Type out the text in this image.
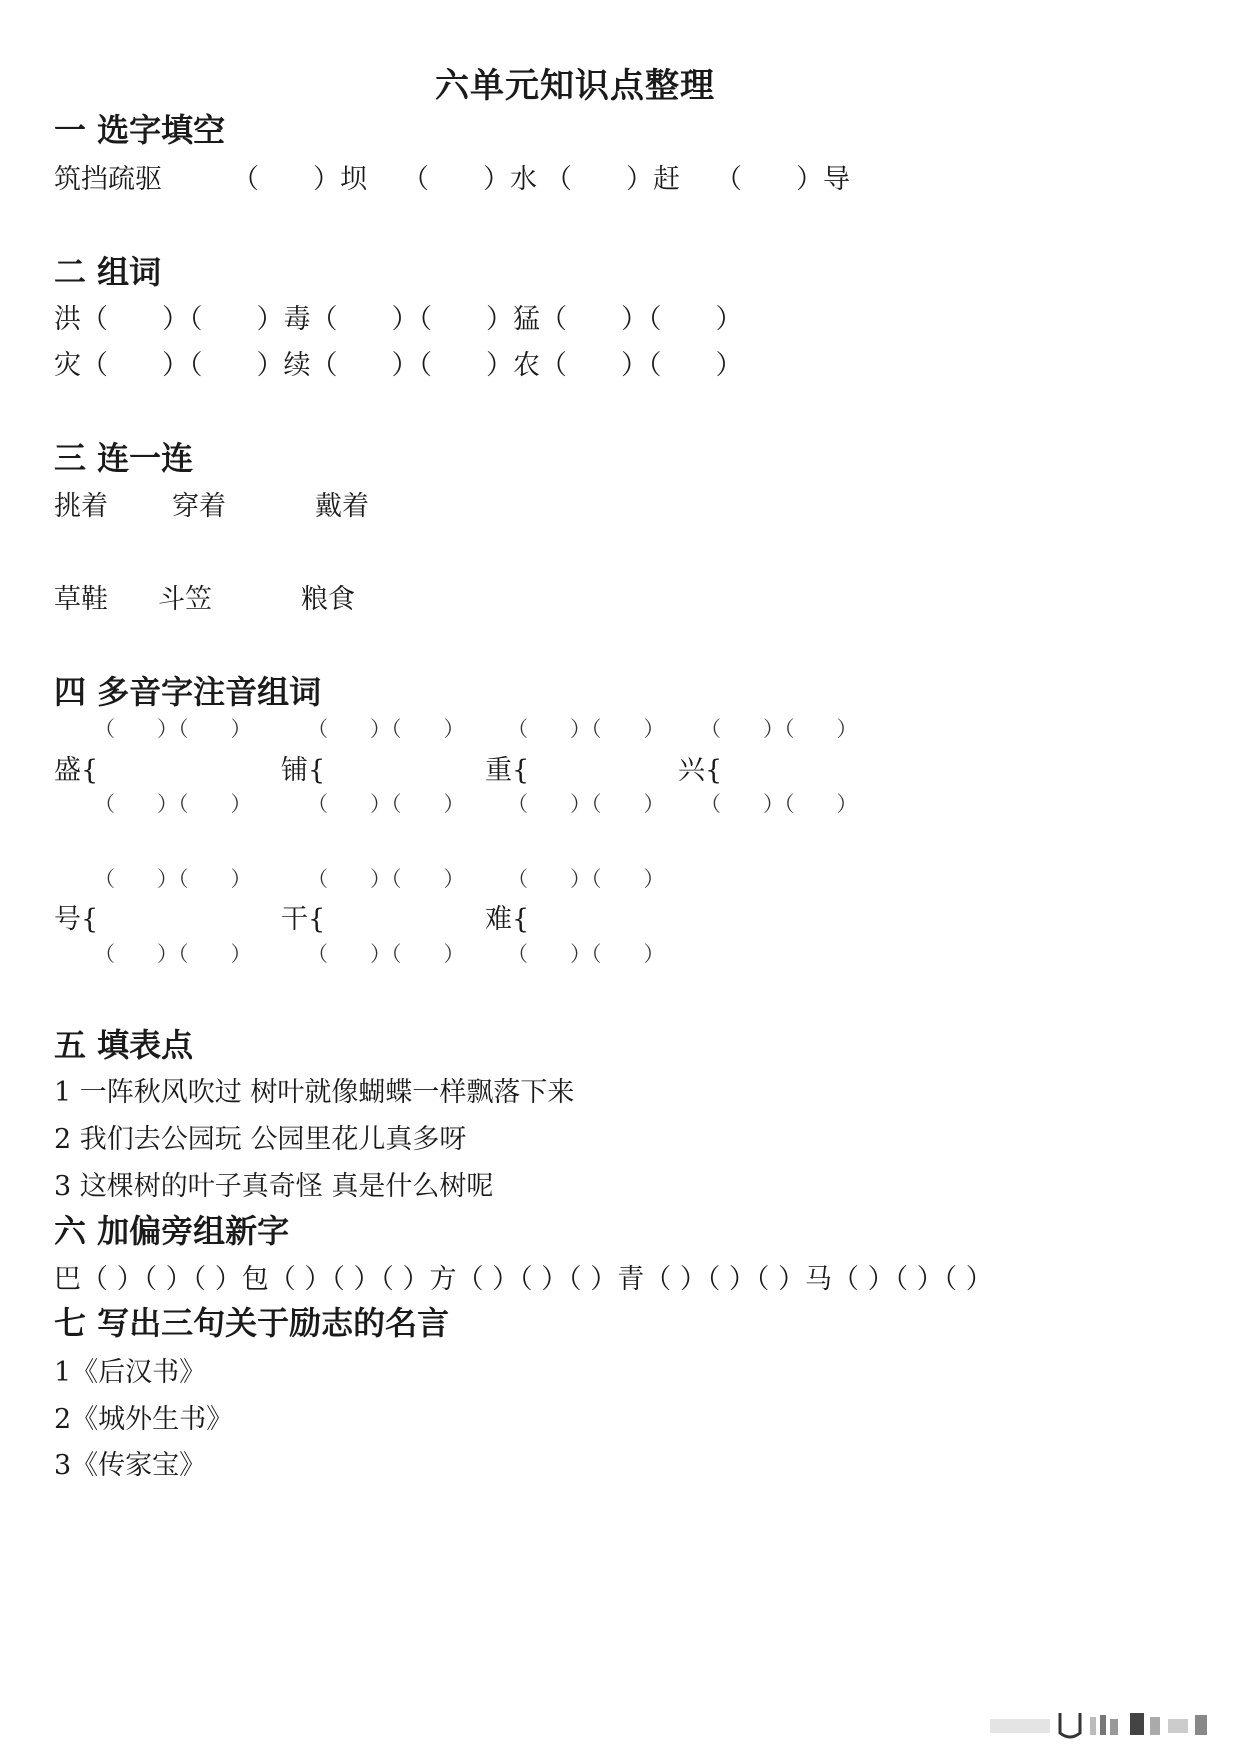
六单元知识点整理
一 选字填空
筑挡疏驱	（  ）坝 （  ）水 （  ）赶 （  ）导
二 组词
洪（  ）（  ）毒（  ）（  ）猛（  ）（  ）
灾（  ）（  ）续（  ）（  ）农（  ）（  ）
三 连一连
挑着 穿着	戴着
草鞋 斗笠	粮食
四 多音字注音组词
（  ）（  ）	（  ）（  ） （  ）（  ） （  ）（  ）
盛{	铺{	重{	兴{
（  ）（  ）	（  ）（  ） （  ）（  ） （  ）（  ）
（  ）（  ）	（  ）（  ） （  ）（  ）
号{	干{	难{
（  ）（  ）	（  ）（  ） （  ）（  ）
五 填表点
1 一阵秋风吹过 树叶就像蝴蝶一样飘落下来
2 我们去公园玩 公园里花儿真多呀
3 这棵树的叶子真奇怪 真是什么树呢
六 加偏旁组新字
巴（ ）（ ）（ ）包（ ）（ ）（ ）方（ ）（ ）（ ）青（ ）（ ）（ ）马（ ）（ ）（ ）
七 写出三句关于励志的名言
1《后汉书》
2《城外生书》
3《传家宝》
